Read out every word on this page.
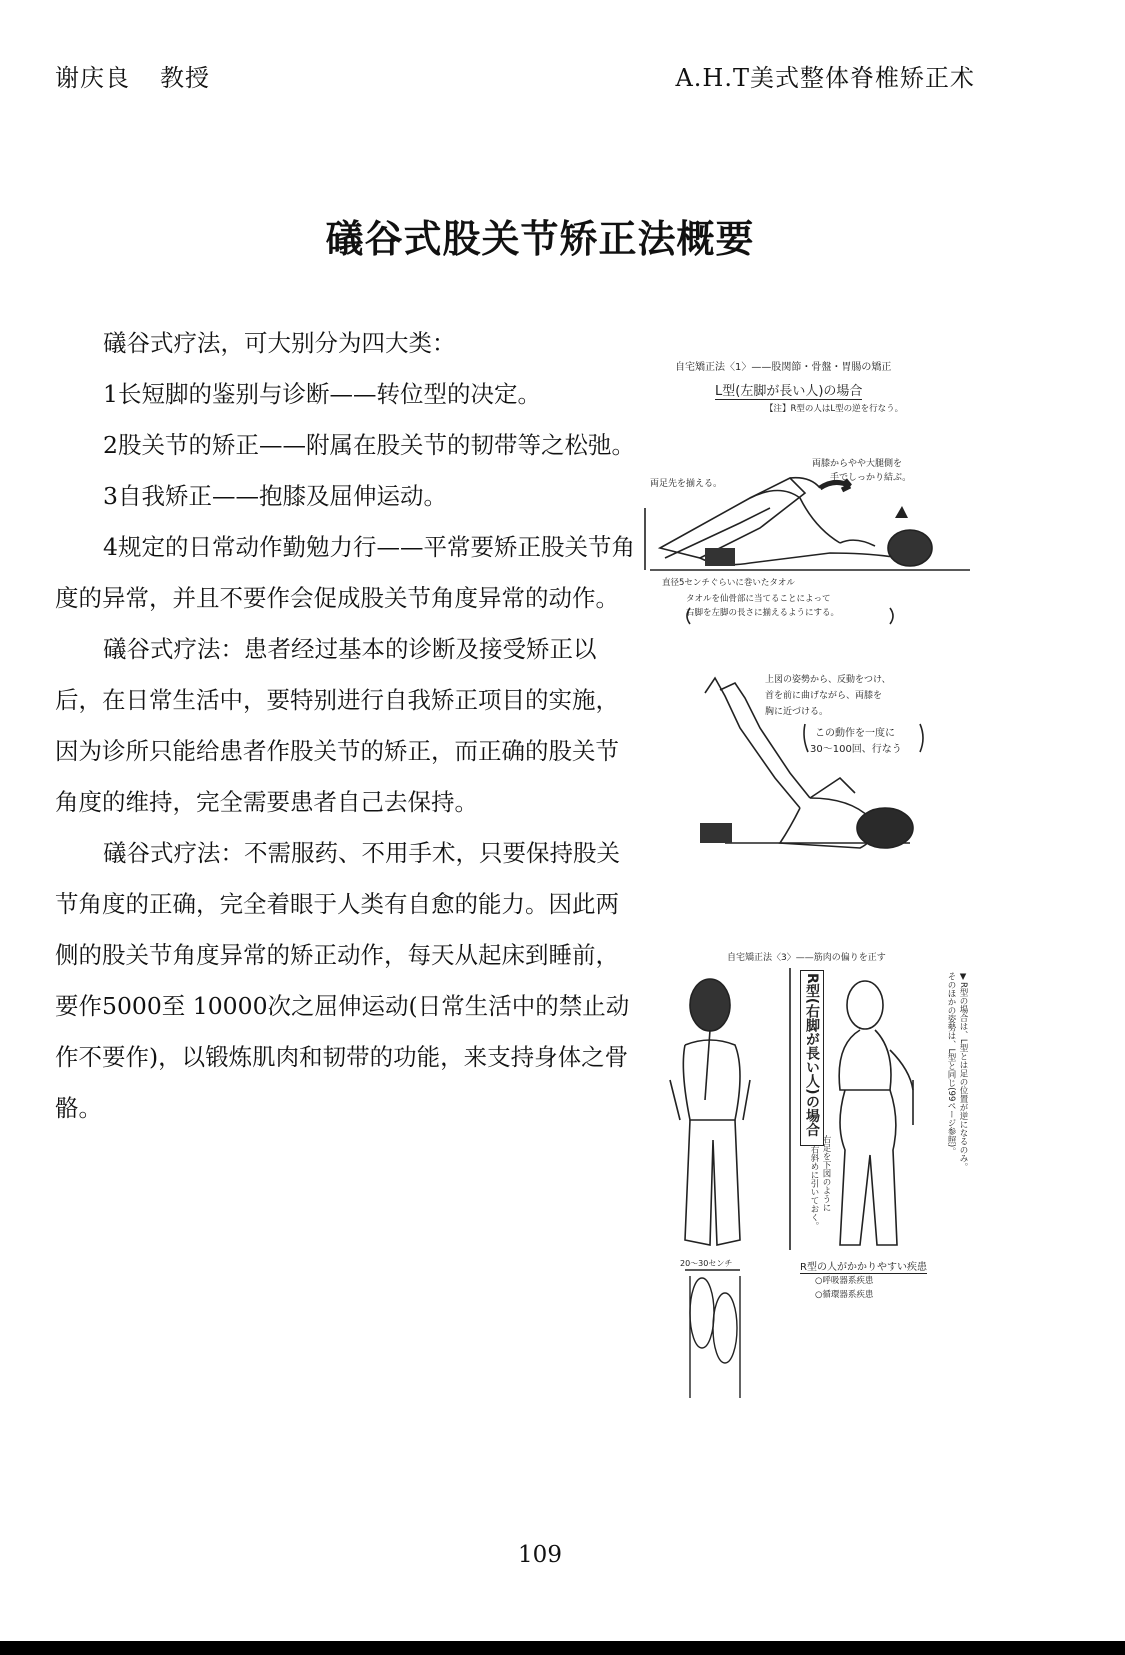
谢庆良 教授	A.H.T美式整体脊椎矫正术
礒谷式股关节矫正法概要

礒谷式疗法，可大别分为四大类：

1长短脚的鉴别与诊断——转位型的决定。

2股关节的矫正——附属在股关节的韧带等之松弛。

3自我矫正——抱膝及屈伸运动。

4规定的日常动作勤勉力行——平常要矫正股关节角度的异常，并且不要作会促成股关节角度异常的动作。

礒谷式疗法：患者经过基本的诊断及接受矫正以后，在日常生活中，要特别进行自我矫正项目的实施，因为诊所只能给患者作股关节的矫正，而正确的股关节角度的维持，完全需要患者自己去保持。

礒谷式疗法：不需服药、不用手术，只要保持股关节角度的正确，完全着眼于人类有自愈的能力。因此两侧的股关节角度异常的矫正动作，每天从起床到睡前，要作5000至 10000次之屈伸运动(日常生活中的禁止动作不要作)，以锻炼肌肉和韧带的功能，来支持身体之骨骼。

自宅矯正法〈1〉——股関節・骨盤・胃腸の矯正
L型(左脚が長い人)の場合
【注】R型の人はL型の逆を行なう。
両足先を揃える。
両膝からやや大腿側を
手でしっかり結ぶ。
直径5センチぐらいに巻いたタオル
タオルを仙骨部に当てることによって
右脚を左脚の長さに揃えるようにする。
上図の姿勢から、反動をつけ、
首を前に曲げながら、両膝を
胸に近づける。
この動作を一度に
30〜100回、行なう
自宅矯正法〈3〉——筋肉の偏りを正す
R型(右脚が長い人)の場合	▼R型の場合は、L型とは足の位置が逆になるのみ。
そのほかの姿勢は、L型と同じ(99ページ参照)。
右足を下図のように
右斜めに引いておく。
20〜30センチ	R型の人がかかりやすい疾患
○呼吸器系疾患
○循環器系疾患
109
